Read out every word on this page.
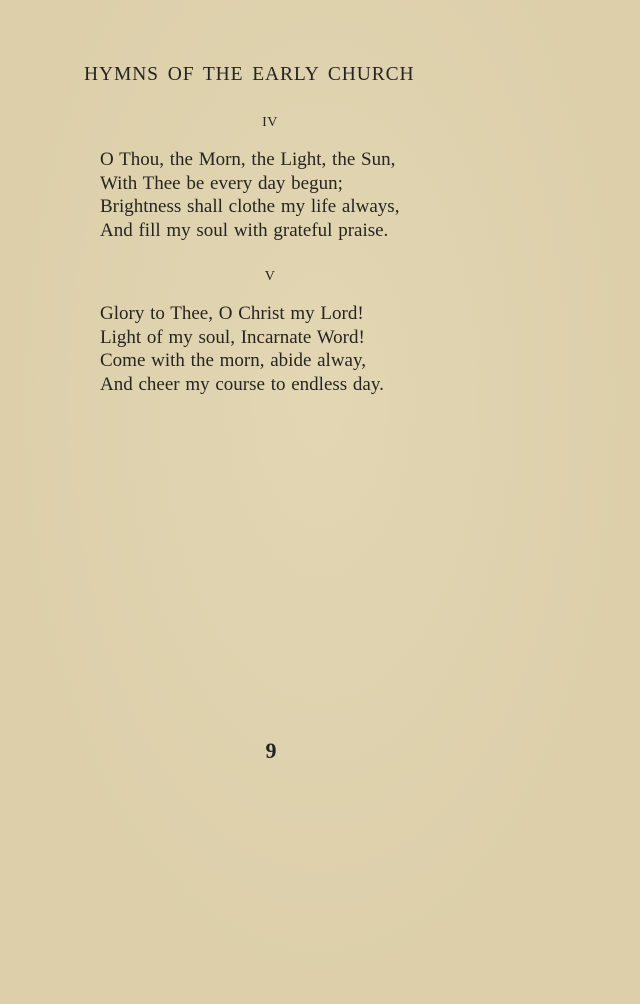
HYMNS OF THE EARLY CHURCH
IV
O Thou, the Morn, the Light, the Sun,
With Thee be every day begun;
Brightness shall clothe my life always,
And fill my soul with grateful praise.
V
Glory to Thee, O Christ my Lord!
Light of my soul, Incarnate Word!
Come with the morn, abide alway,
And cheer my course to endless day.
9
